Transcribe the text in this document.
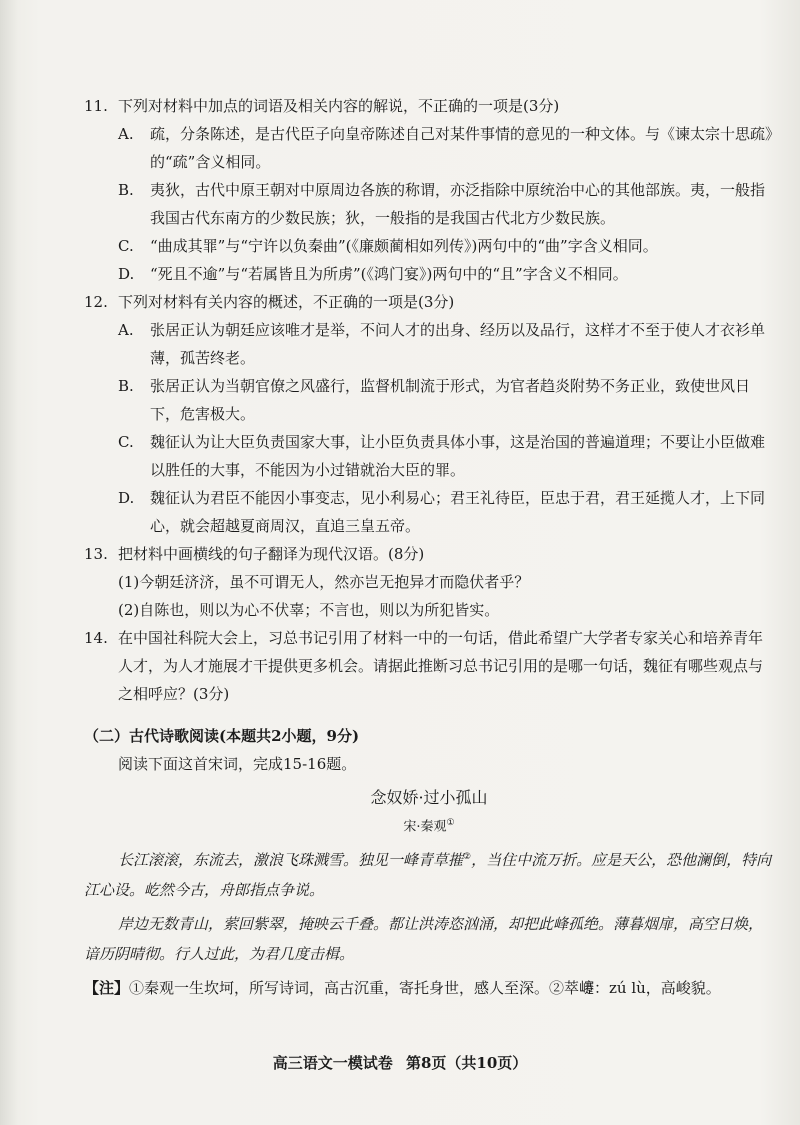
11. 下列对材料中加点的词语及相关内容的解说，不正确的一项是(3分)
A. 疏，分条陈述，是古代臣子向皇帝陈述自己对某件事情的意见的一种文体。与《谏太宗十思疏》的“疏”含义相同。
B. 夷狄，古代中原王朝对中原周边各族的称谓，亦泛指除中原统治中心的其他部族。夷，一般指我国古代东南方的少数民族；狄，一般指的是我国古代北方少数民族。
C. “曲成其罪”与“宁许以负秦曲”(《廉颇蔺相如列传》)两句中的“曲”字含义相同。
D. “死且不逾”与“若属皆且为所虏”(《鸿门宴》)两句中的“且”字含义不相同。
12. 下列对材料有关内容的概述，不正确的一项是(3分)
A. 张居正认为朝廷应该唯才是举，不问人才的出身、经历以及品行，这样才不至于使人才衣衫单薄，孤苦终老。
B. 张居正认为当朝官僚之风盛行，监督机制流于形式，为官者趋炎附势不务正业，致使世风日下，危害极大。
C. 魏征认为让大臣负责国家大事，让小臣负责具体小事，这是治国的普遍道理；不要让小臣做难以胜任的大事，不能因为小过错就治大臣的罪。
D. 魏征认为君臣不能因小事变志，见小利易心；君王礼待臣，臣忠于君，君王延揽人才，上下同心，就会超越夏商周汉，直追三皇五帝。
13. 把材料中画横线的句子翻译为现代汉语。(8分)
(1)今朝廷济济，虽不可谓无人，然亦岂无抱异才而隐伏者乎？
(2)自陈也，则以为心不伏辜；不言也，则以为所犯皆实。
14. 在中国社科院大会上，习总书记引用了材料一中的一句话，借此希望广大学者专家关心和培养青年人才，为人才施展才干提供更多机会。请据此推断习总书记引用的是哪一句话，魏征有哪些观点与之相呼应？(3分)
（二）古代诗歌阅读(本题共2小题，9分)
阅读下面这首宋词，完成15-16题。
念奴娇·过小孤山
宋·秦观①
长江滚滚，东流去，激浪飞珠溅雪。独见一峰青草摧②，当住中流万折。应是天公，恐他澜倒，特向江心设。屹然今古，舟郎指点争说。
岸边无数青山，萦回紫翠，掩映云千叠。都让洪涛恣汹涌，却把此峰孤绝。薄暮烟扉，高空日焕，谙历阴晴彻。行人过此，为君几度击楫。
【注】①秦观一生坎坷，所写诗词，高古沉重，寄托身世，感人至深。②萃𡾰：zú lù，高峻貌。
高三语文一模试卷 第8页（共10页）
